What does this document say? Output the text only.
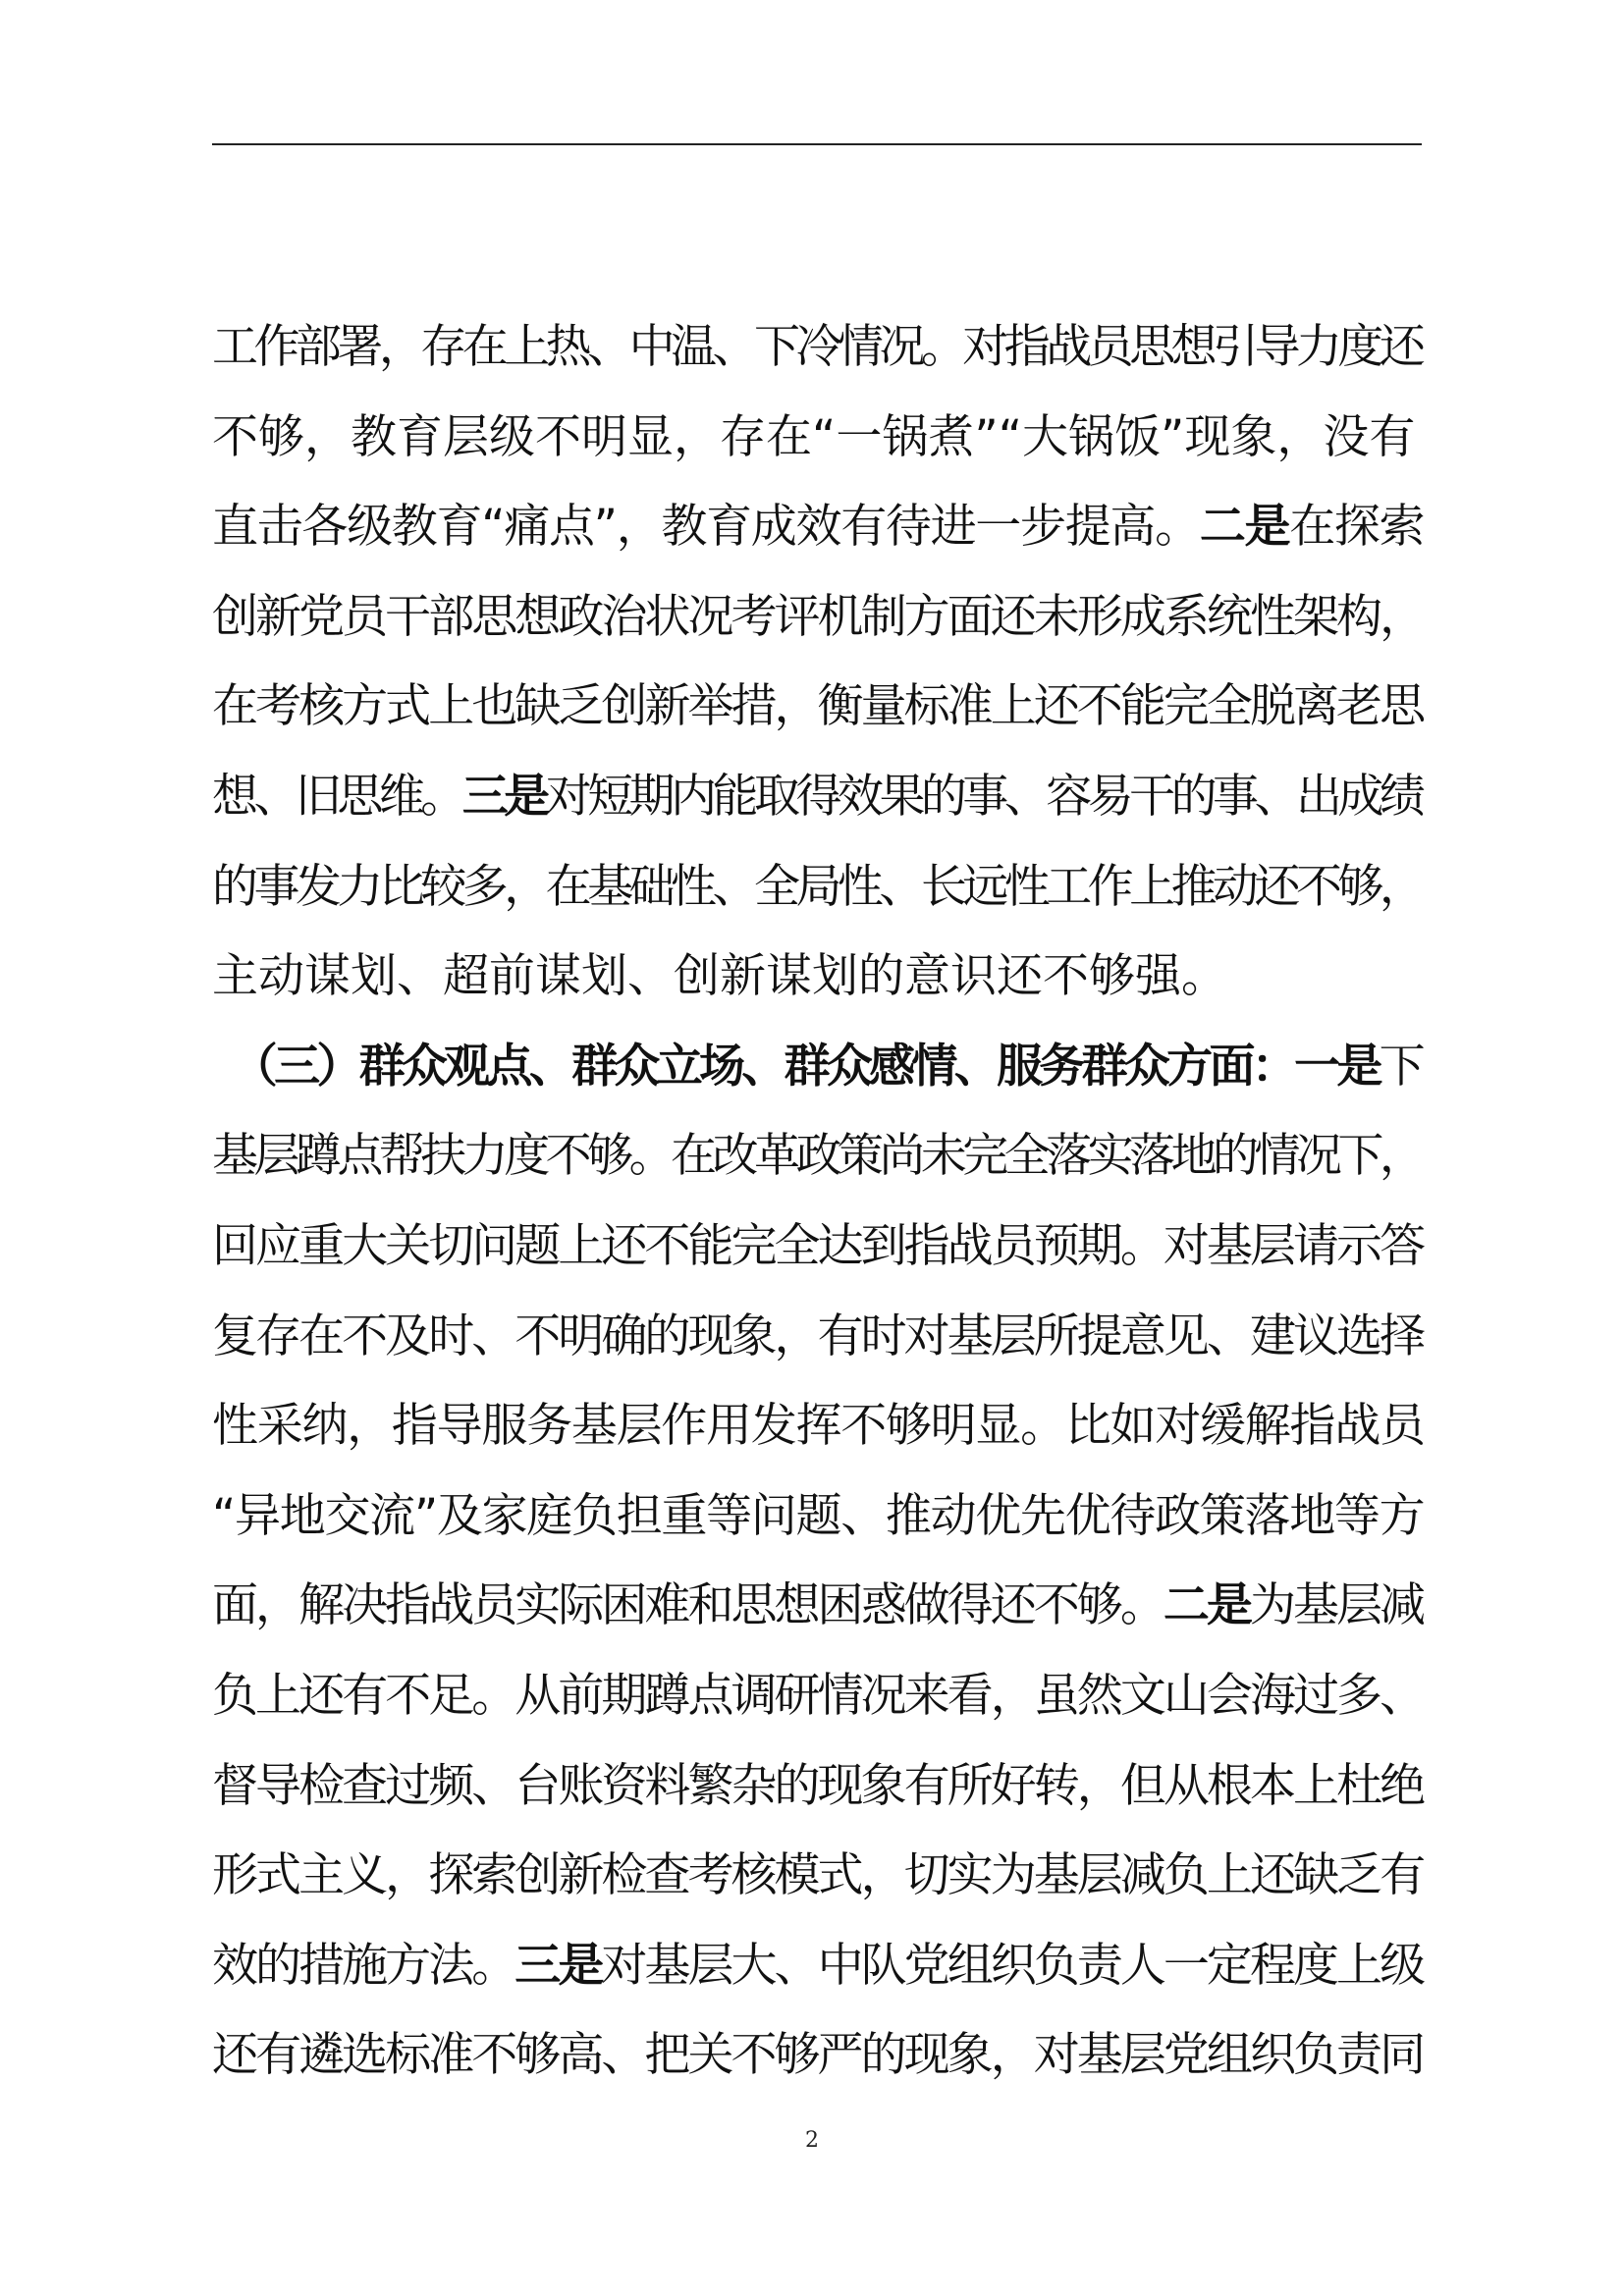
工作部署，存在上热、中温、下冷情况。对指战员思想引导力度还
不够，教育层级不明显，存在“一锅煮”“大锅饭”现象，没有
直击各级教育“痛点”，教育成效有待进一步提高。二是在探索
创新党员干部思想政治状况考评机制方面还未形成系统性架构，
在考核方式上也缺乏创新举措，衡量标准上还不能完全脱离老思
想、旧思维。三是对短期内能取得效果的事、容易干的事、出成绩
的事发力比较多，在基础性、全局性、长远性工作上推动还不够，
主动谋划、超前谋划、创新谋划的意识还不够强。
　（三）群众观点、群众立场、群众感情、服务群众方面：一是下
基层蹲点帮扶力度不够。在改革政策尚未完全落实落地的情况下，
回应重大关切问题上还不能完全达到指战员预期。对基层请示答
复存在不及时、不明确的现象，有时对基层所提意见、建议选择
性采纳，指导服务基层作用发挥不够明显。比如对缓解指战员
“异地交流”及家庭负担重等问题、推动优先优待政策落地等方
面，解决指战员实际困难和思想困惑做得还不够。二是为基层减
负上还有不足。从前期蹲点调研情况来看，虽然文山会海过多、
督导检查过频、台账资料繁杂的现象有所好转，但从根本上杜绝
形式主义，探索创新检查考核模式，切实为基层减负上还缺乏有
效的措施方法。三是对基层大、中队党组织负责人一定程度上级
还有遴选标准不够高、把关不够严的现象，对基层党组织负责同
2
